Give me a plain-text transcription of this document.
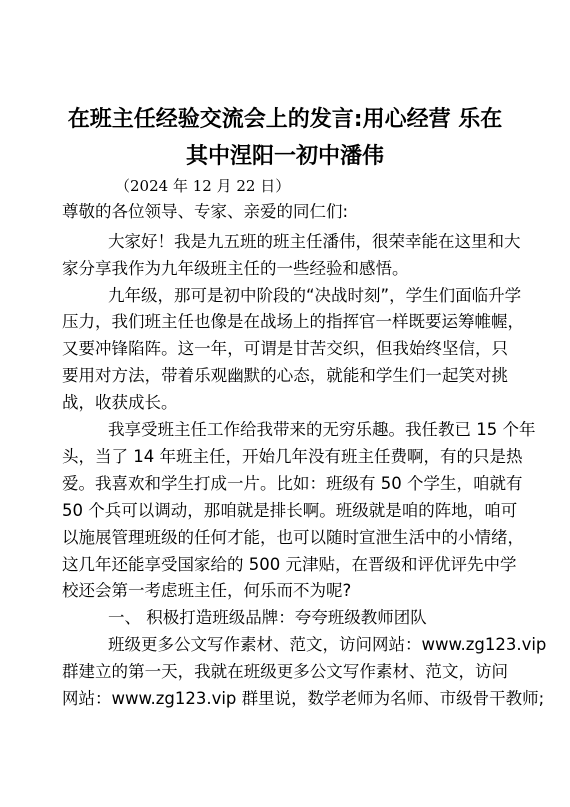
在班主任经验交流会上的发言:用心经营 乐在
其中涅阳一初中潘伟
（2024 年 12 月 22 日）
尊敬的各位领导、专家、亲爱的同仁们:
大家好！我是九五班的班主任潘伟，很荣幸能在这里和大
家分享我作为九年级班主任的一些经验和感悟。
九年级，那可是初中阶段的“决战时刻”，学生们面临升学
压力，我们班主任也像是在战场上的指挥官一样既要运筹帷幄，
又要冲锋陷阵。这一年，可谓是甘苦交织，但我始终坚信，只
要用对方法，带着乐观幽默的心态，就能和学生们一起笑对挑
战，收获成长。
我享受班主任工作给我带来的无穷乐趣。我任教已 15 个年
头，当了 14 年班主任，开始几年没有班主任费啊，有的只是热
爱。我喜欢和学生打成一片。比如：班级有 50 个学生，咱就有
50 个兵可以调动，那咱就是排长啊。班级就是咱的阵地，咱可
以施展管理班级的任何才能，也可以随时宣泄生活中的小情绪，
这几年还能享受国家给的 500 元津贴，在晋级和评优评先中学
校还会第一考虑班主任，何乐而不为呢?
一、 积极打造班级品牌：夸夸班级教师团队
班级更多公文写作素材、范文，访问网站：www.zg123.vip
群建立的第一天，我就在班级更多公文写作素材、范文，访问
网站：www.zg123.vip 群里说，数学老师为名师、市级骨干教师;
